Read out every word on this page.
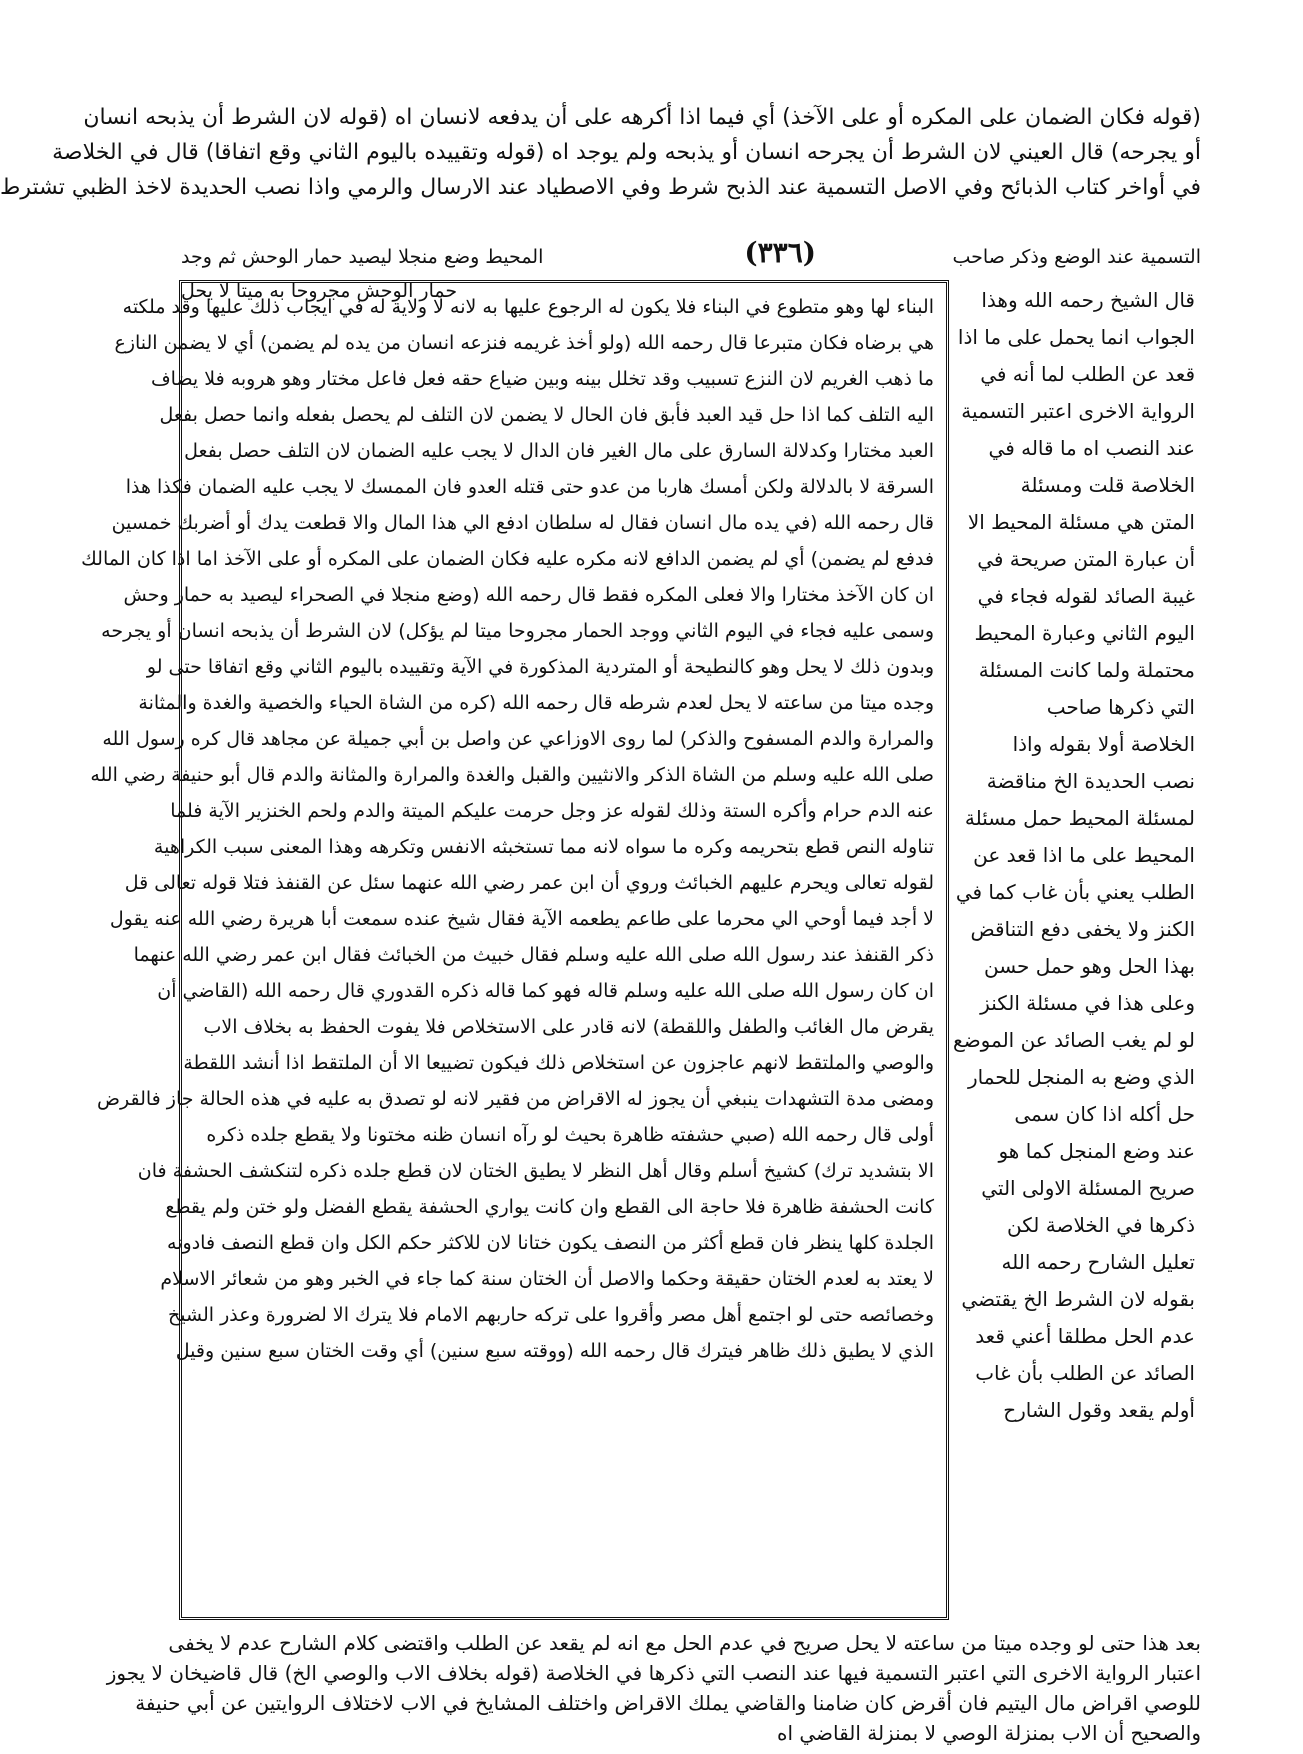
(قوله فكان الضمان على المكره أو على الآخذ) أي فيما اذا أكرهه على أن يدفعه لانسان اه (قوله لان الشرط أن يذبحه انسان

أو يجرحه) قال العيني لان الشرط أن يجرحه انسان أو يذبحه ولم يوجد اه (قوله وتقييده باليوم الثاني وقع اتفاقا) قال في الخلاصة

في أواخر كتاب الذبائح وفي الاصل التسمية عند الذبح شرط وفي الاصطياد عند الارسال والرمي واذا نصب الحديدة لاخذ الظبي تشترط

التسمية عند الوضع وذكر صاحب
(٣٣٦)
المحيط وضع منجلا ليصيد حمار الوحش ثم وجد حمار الوحش مجروحا به ميتا لا يحل

البناء لها وهو متطوع في البناء فلا يكون له الرجوع عليها به لانه لا ولاية له في ايجاب ذلك عليها وقد ملكته

هي برضاه فكان متبرعا قال رحمه الله (ولو أخذ غريمه فنزعه انسان من يده لم يضمن) أي لا يضمن النازع

ما ذهب الغريم لان النزع تسبيب وقد تخلل بينه وبين ضياع حقه فعل فاعل مختار وهو هروبه فلا يضاف

اليه التلف كما اذا حل قيد العبد فأبق فان الحال لا يضمن لان التلف لم يحصل بفعله وانما حصل بفعل

العبد مختارا وكدلالة السارق على مال الغير فان الدال لا يجب عليه الضمان لان التلف حصل بفعل

السرقة لا بالدلالة ولكن أمسك هاربا من عدو حتى قتله العدو فان الممسك لا يجب عليه الضمان فكذا هذا

قال رحمه الله (في يده مال انسان فقال له سلطان ادفع الي هذا المال والا قطعت يدك أو أضربك خمسين

فدفع لم يضمن) أي لم يضمن الدافع لانه مكره عليه فكان الضمان على المكره أو على الآخذ اما اذا كان المالك

ان كان الآخذ مختارا والا فعلى المكره فقط قال رحمه الله (وضع منجلا في الصحراء ليصيد به حمار وحش

وسمى عليه فجاء في اليوم الثاني ووجد الحمار مجروحا ميتا لم يؤكل) لان الشرط أن يذبحه انسان أو يجرحه

وبدون ذلك لا يحل وهو كالنطيحة أو المتردية المذكورة في الآية وتقييده باليوم الثاني وقع اتفاقا حتى لو

وجده ميتا من ساعته لا يحل لعدم شرطه قال رحمه الله (كره من الشاة الحياء والخصية والغدة والمثانة

والمرارة والدم المسفوح والذكر) لما روى الاوزاعي عن واصل بن أبي جميلة عن مجاهد قال كره رسول الله

صلى الله عليه وسلم من الشاة الذكر والانثيين والقبل والغدة والمرارة والمثانة والدم قال أبو حنيفة رضي الله

عنه الدم حرام وأكره الستة وذلك لقوله عز وجل حرمت عليكم الميتة والدم ولحم الخنزير الآية فلما

تناوله النص قطع بتحريمه وكره ما سواه لانه مما تستخبثه الانفس وتكرهه وهذا المعنى سبب الكراهية

لقوله تعالى ويحرم عليهم الخبائث وروي أن ابن عمر رضي الله عنهما سئل عن القنفذ فتلا قوله تعالى قل

لا أجد فيما أوحي الي محرما على طاعم يطعمه الآية فقال شيخ عنده سمعت أبا هريرة رضي الله عنه يقول

ذكر القنفذ عند رسول الله صلى الله عليه وسلم فقال خبيث من الخبائث فقال ابن عمر رضي الله عنهما

ان كان رسول الله صلى الله عليه وسلم قاله فهو كما قاله ذكره القدوري قال رحمه الله (القاضي أن

يقرض مال الغائب والطفل واللقطة) لانه قادر على الاستخلاص فلا يفوت الحفظ به بخلاف الاب

والوصي والملتقط لانهم عاجزون عن استخلاص ذلك فيكون تضييعا الا أن الملتقط اذا أنشد اللقطة

ومضى مدة التشهدات ينبغي أن يجوز له الاقراض من فقير لانه لو تصدق به عليه في هذه الحالة جاز فالقرض

أولى قال رحمه الله (صبي حشفته ظاهرة بحيث لو رآه انسان ظنه مختونا ولا يقطع جلده ذكره

الا بتشديد ترك) كشيخ أسلم وقال أهل النظر لا يطيق الختان لان قطع جلده ذكره لتنكشف الحشفة فان

كانت الحشفة ظاهرة فلا حاجة الى القطع وان كانت يواري الحشفة يقطع الفضل ولو ختن ولم يقطع

الجلدة كلها ينظر فان قطع أكثر من النصف يكون ختانا لان للاكثر حكم الكل وان قطع النصف فادونه

لا يعتد به لعدم الختان حقيقة وحكما والاصل أن الختان سنة كما جاء في الخبر وهو من شعائر الاسلام

وخصائصه حتى لو اجتمع أهل مصر وأقروا على تركه حاربهم الامام فلا يترك الا لضرورة وعذر الشيخ

الذي لا يطيق ذلك ظاهر فيترك قال رحمه الله (ووقته سبع سنين) أي وقت الختان سبع سنين وقيل

قال الشيخ رحمه الله وهذا

الجواب انما يحمل على ما اذا

قعد عن الطلب لما أنه في

الرواية الاخرى اعتبر التسمية

عند النصب اه ما قاله في

الخلاصة قلت ومسئلة

المتن هي مسئلة المحيط الا

أن عبارة المتن صريحة في

غيبة الصائد لقوله فجاء في

اليوم الثاني وعبارة المحيط

محتملة ولما كانت المسئلة

التي ذكرها صاحب

الخلاصة أولا بقوله واذا

نصب الحديدة الخ مناقضة

لمسئلة المحيط حمل مسئلة

المحيط على ما اذا قعد عن

الطلب يعني بأن غاب كما في

الكنز ولا يخفى دفع التناقض

بهذا الحل وهو حمل حسن

وعلى هذا في مسئلة الكنز

لو لم يغب الصائد عن الموضع

الذي وضع به المنجل للحمار

حل أكله اذا كان سمى

عند وضع المنجل كما هو

صريح المسئلة الاولى التي

ذكرها في الخلاصة لكن

تعليل الشارح رحمه الله

بقوله لان الشرط الخ يقتضي

عدم الحل مطلقا أعني قعد

الصائد عن الطلب بأن غاب

أولم يقعد وقول الشارح

بعد هذا حتى لو وجده ميتا من ساعته لا يحل صريح في عدم الحل مع انه لم يقعد عن الطلب واقتضى كلام الشارح عدم لا يخفى

اعتبار الرواية الاخرى التي اعتبر التسمية فيها عند النصب التي ذكرها في الخلاصة (قوله بخلاف الاب والوصي الخ) قال قاضيخان لا يجوز

للوصي اقراض مال اليتيم فان أقرض كان ضامنا والقاضي يملك الاقراض واختلف المشايخ في الاب لاختلاف الروايتين عن أبي حنيفة

والصحيح أن الاب بمنزلة الوصي لا بمنزلة القاضي اه
